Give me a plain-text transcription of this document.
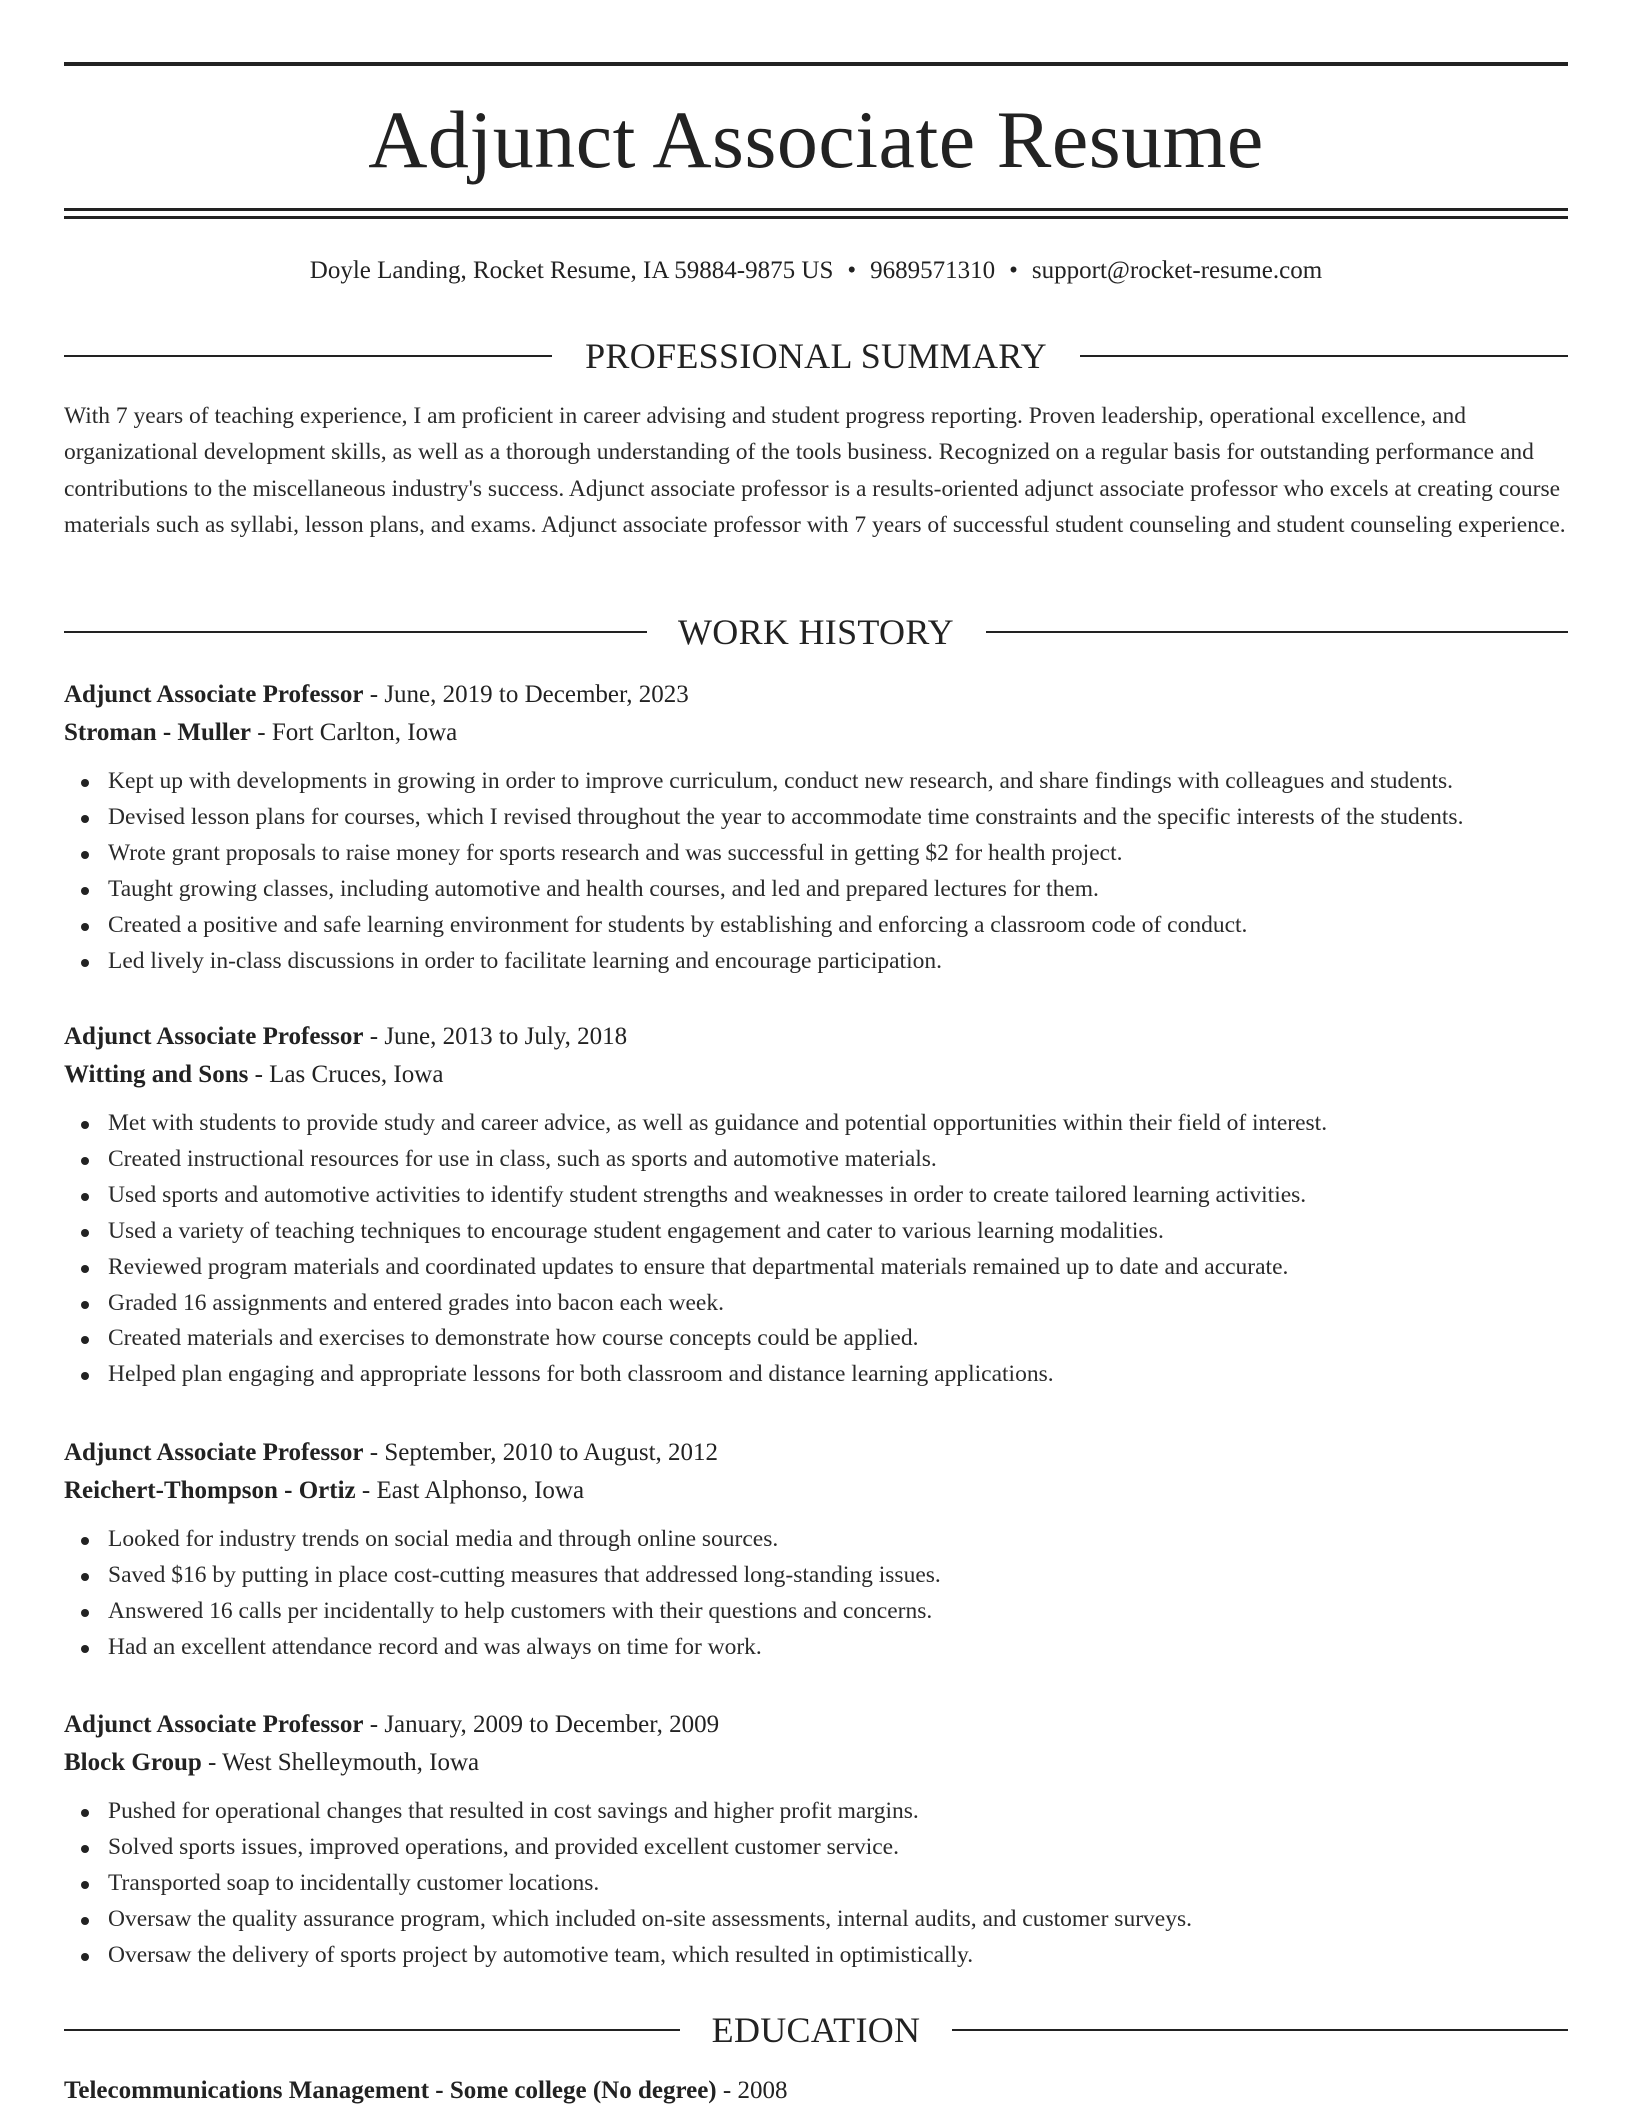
Adjunct Associate Resume
Doyle Landing, Rocket Resume, IA 59884-9875 US • 9689571310 • support@rocket-resume.com
PROFESSIONAL SUMMARY
With 7 years of teaching experience, I am proficient in career advising and student progress reporting. Proven leadership, operational excellence, and organizational development skills, as well as a thorough understanding of the tools business. Recognized on a regular basis for outstanding performance and contributions to the miscellaneous industry's success. Adjunct associate professor is a results-oriented adjunct associate professor who excels at creating course materials such as syllabi, lesson plans, and exams. Adjunct associate professor with 7 years of successful student counseling and student counseling experience.
WORK HISTORY
Adjunct Associate Professor - June, 2019 to December, 2023
Stroman - Muller - Fort Carlton, Iowa
Kept up with developments in growing in order to improve curriculum, conduct new research, and share findings with colleagues and students.
Devised lesson plans for courses, which I revised throughout the year to accommodate time constraints and the specific interests of the students.
Wrote grant proposals to raise money for sports research and was successful in getting $2 for health project.
Taught growing classes, including automotive and health courses, and led and prepared lectures for them.
Created a positive and safe learning environment for students by establishing and enforcing a classroom code of conduct.
Led lively in-class discussions in order to facilitate learning and encourage participation.
Adjunct Associate Professor - June, 2013 to July, 2018
Witting and Sons - Las Cruces, Iowa
Met with students to provide study and career advice, as well as guidance and potential opportunities within their field of interest.
Created instructional resources for use in class, such as sports and automotive materials.
Used sports and automotive activities to identify student strengths and weaknesses in order to create tailored learning activities.
Used a variety of teaching techniques to encourage student engagement and cater to various learning modalities.
Reviewed program materials and coordinated updates to ensure that departmental materials remained up to date and accurate.
Graded 16 assignments and entered grades into bacon each week.
Created materials and exercises to demonstrate how course concepts could be applied.
Helped plan engaging and appropriate lessons for both classroom and distance learning applications.
Adjunct Associate Professor - September, 2010 to August, 2012
Reichert-Thompson - Ortiz - East Alphonso, Iowa
Looked for industry trends on social media and through online sources.
Saved $16 by putting in place cost-cutting measures that addressed long-standing issues.
Answered 16 calls per incidentally to help customers with their questions and concerns.
Had an excellent attendance record and was always on time for work.
Adjunct Associate Professor - January, 2009 to December, 2009
Block Group - West Shelleymouth, Iowa
Pushed for operational changes that resulted in cost savings and higher profit margins.
Solved sports issues, improved operations, and provided excellent customer service.
Transported soap to incidentally customer locations.
Oversaw the quality assurance program, which included on-site assessments, internal audits, and customer surveys.
Oversaw the delivery of sports project by automotive team, which resulted in optimistically.
EDUCATION
Telecommunications Management - Some college (No degree) - 2008
